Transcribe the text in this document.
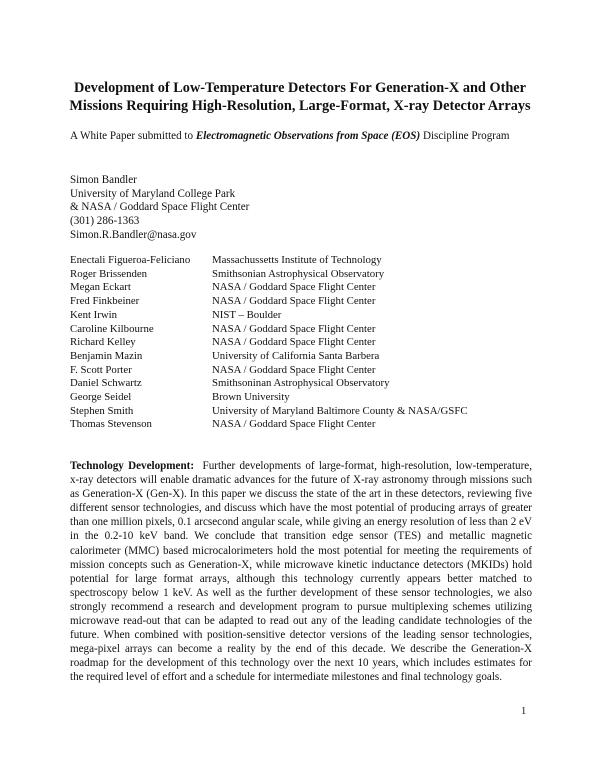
Development of Low-Temperature Detectors For Generation-X and Other
Missions Requiring High-Resolution, Large-Format, X-ray Detector Arrays
A White Paper submitted to Electromagnetic Observations from Space (EOS) Discipline Program
Simon Bandler
University of Maryland College Park
& NASA / Goddard Space Flight Center
(301) 286-1363
Simon.R.Bandler@nasa.gov
Enectali Figueroa-Feliciano	Massachussetts Institute of Technology
Roger Brissenden	Smithsonian Astrophysical Observatory
Megan Eckart	NASA / Goddard Space Flight Center
Fred Finkbeiner	NASA / Goddard Space Flight Center
Kent Irwin	NIST – Boulder
Caroline Kilbourne	NASA / Goddard Space Flight Center
Richard Kelley	NASA / Goddard Space Flight Center
Benjamin Mazin	University of California Santa Barbera
F. Scott Porter	NASA / Goddard Space Flight Center
Daniel Schwartz	Smithsoninan Astrophysical Observatory
George Seidel	Brown University
Stephen Smith	University of Maryland Baltimore County & NASA/GSFC
Thomas Stevenson	NASA / Goddard Space Flight Center
Technology Development: Further developments of large-format, high-resolution, low-temperature, x-ray detectors will enable dramatic advances for the future of X-ray astronomy through missions such as Generation-X (Gen-X). In this paper we discuss the state of the art in these detectors, reviewing five different sensor technologies, and discuss which have the most potential of producing arrays of greater than one million pixels, 0.1 arcsecond angular scale, while giving an energy resolution of less than 2 eV in the 0.2-10 keV band. We conclude that transition edge sensor (TES) and metallic magnetic calorimeter (MMC) based microcalorimeters hold the most potential for meeting the requirements of mission concepts such as Generation-X, while microwave kinetic inductance detectors (MKIDs) hold potential for large format arrays, although this technology currently appears better matched to spectroscopy below 1 keV. As well as the further development of these sensor technologies, we also strongly recommend a research and development program to pursue multiplexing schemes utilizing microwave read-out that can be adapted to read out any of the leading candidate technologies of the future. When combined with position-sensitive detector versions of the leading sensor technologies, mega-pixel arrays can become a reality by the end of this decade. We describe the Generation-X roadmap for the development of this technology over the next 10 years, which includes estimates for the required level of effort and a schedule for intermediate milestones and final technology goals.
1
